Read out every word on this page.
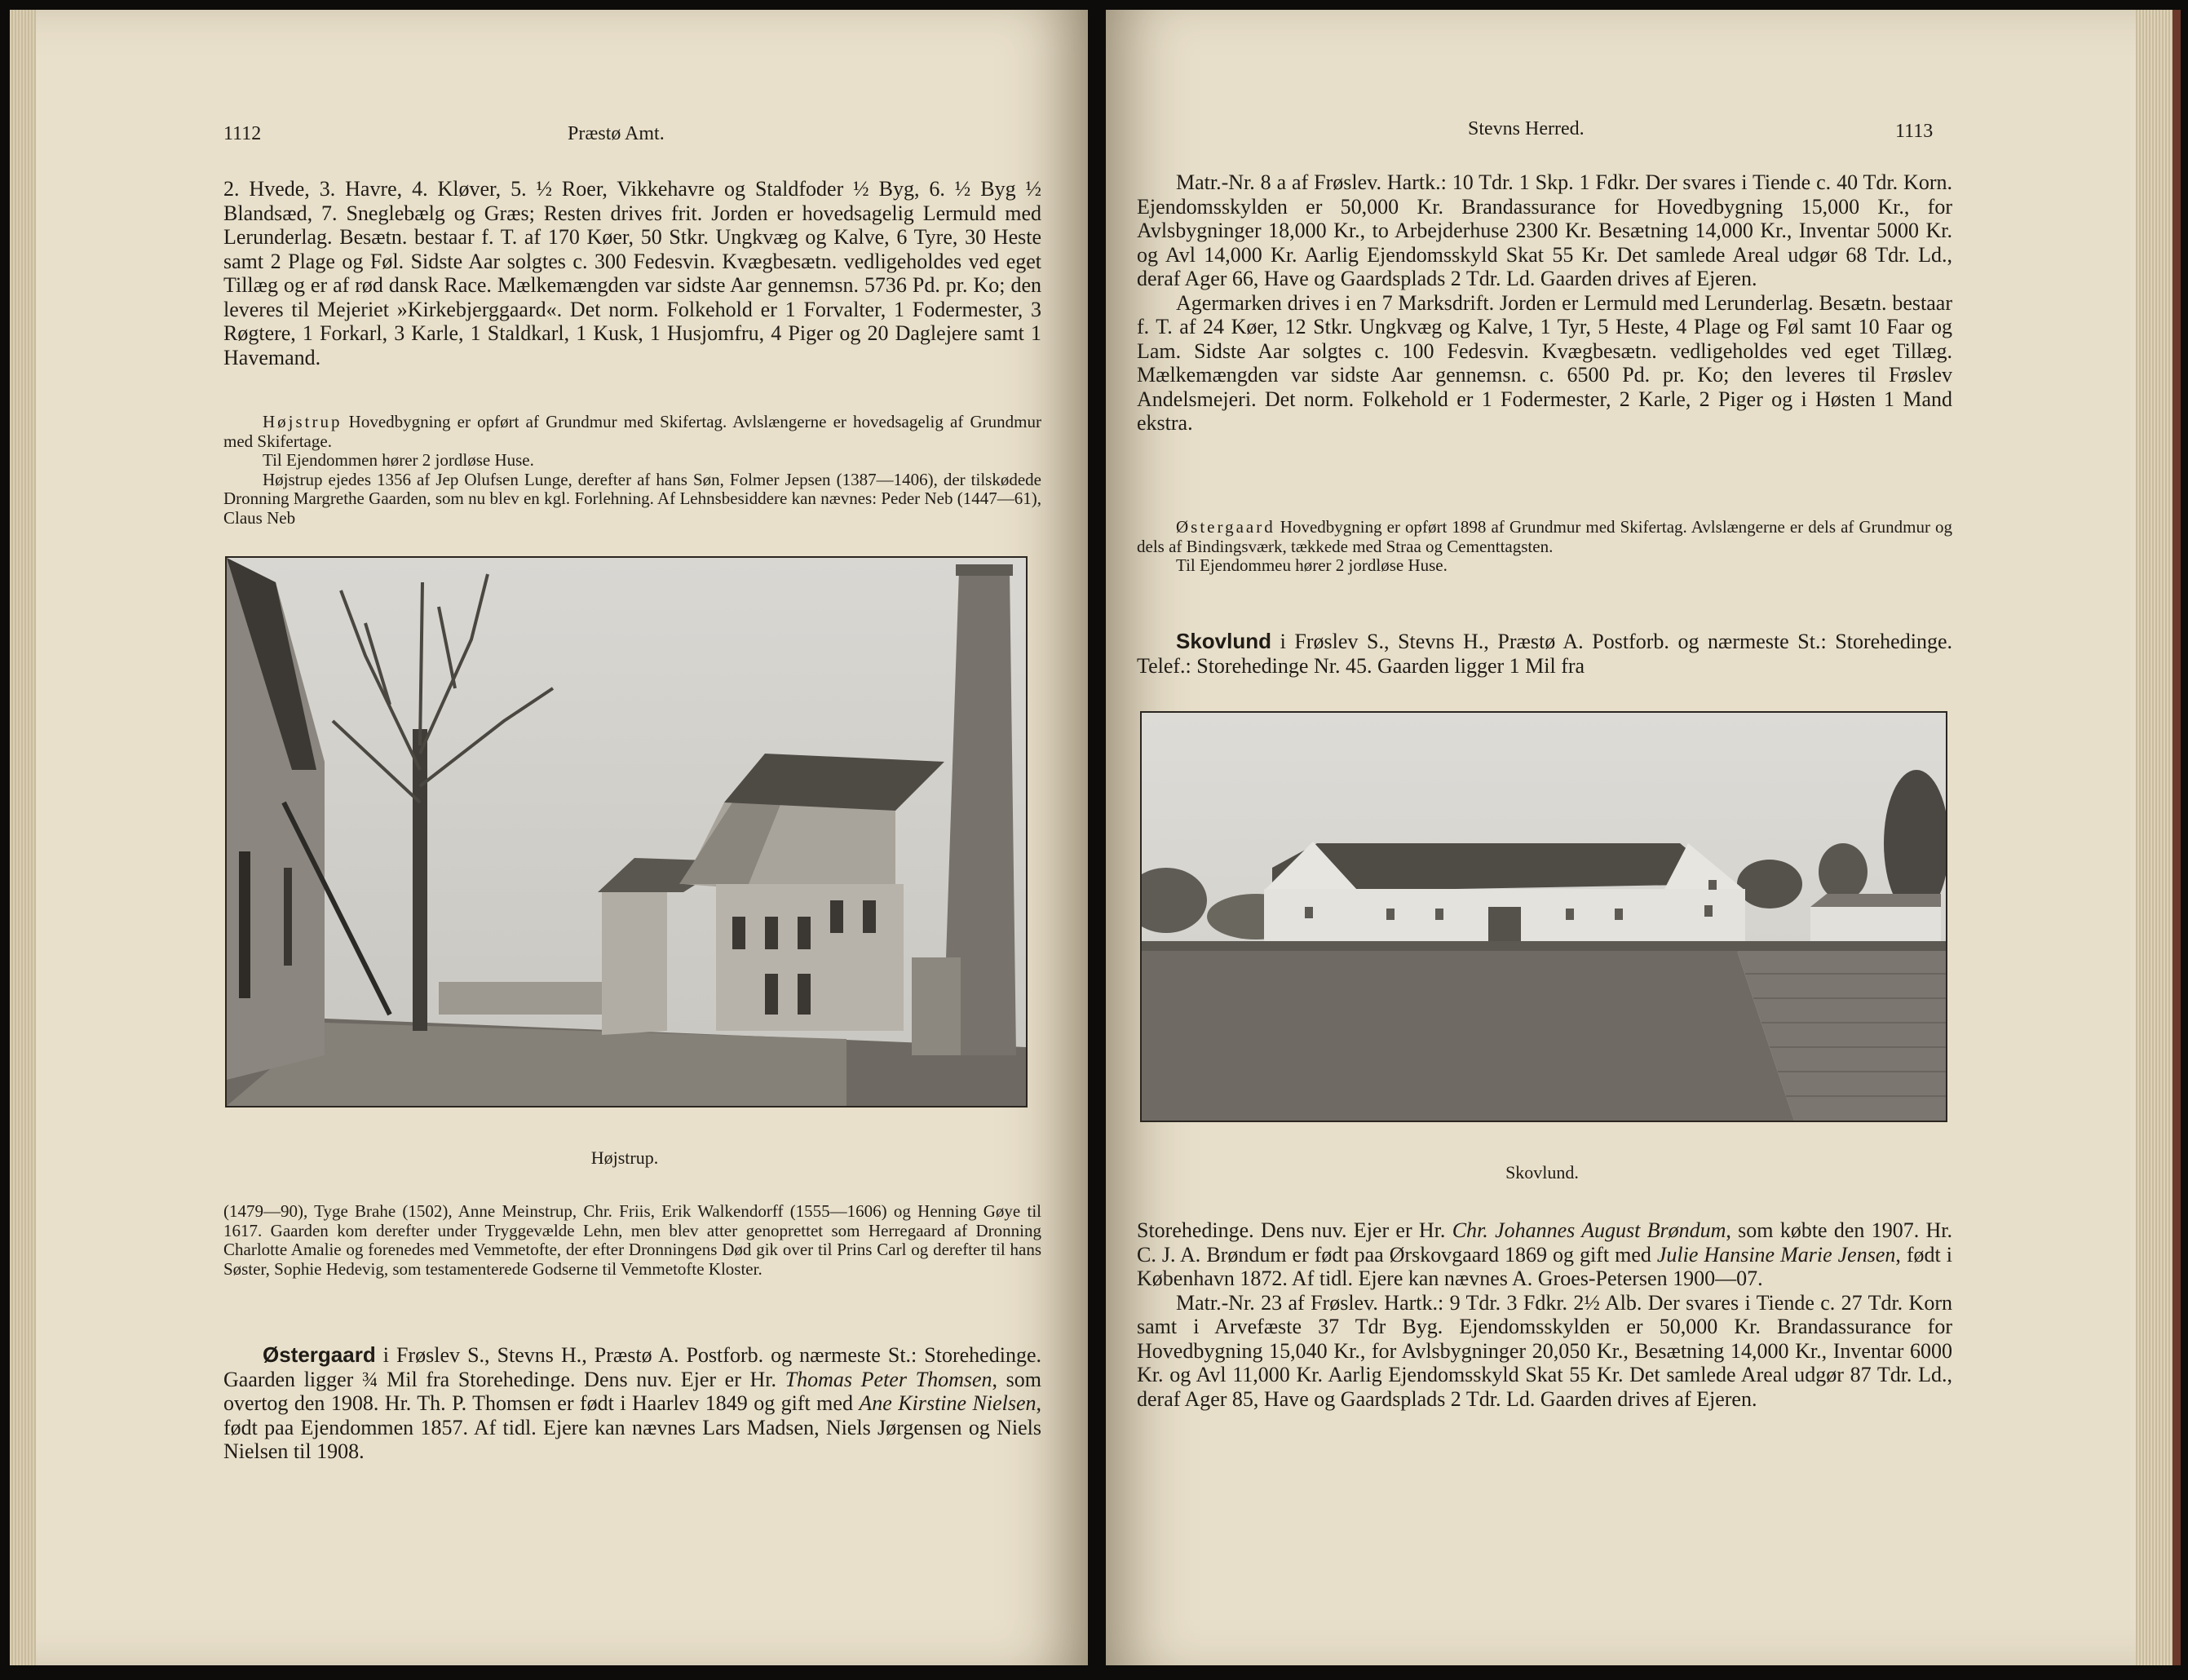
1112	Præstø Amt.

2. Hvede, 3. Havre, 4. Kløver, 5. ½ Roer, Vikkehavre og Staldfoder ½ Byg, 6. ½ Byg ½ Blandsæd, 7. Sneglebælg og Græs; Resten drives frit. Jorden er hovedsagelig Lermuld med Lerunderlag. Besætn. bestaar f. T. af 170 Køer, 50 Stkr. Ungkvæg og Kalve, 6 Tyre, 30 Heste samt 2 Plage og Føl. Sidste Aar solgtes c. 300 Fedesvin. Kvægbesætn. vedligeholdes ved eget Tillæg og er af rød dansk Race. Mælkemængden var sidste Aar gennemsn. 5736 Pd. pr. Ko; den leveres til Mejeriet »Kirkebjerggaard«. Det norm. Folkehold er 1 Forvalter, 1 Fodermester, 3 Røgtere, 1 Forkarl, 3 Karle, 1 Staldkarl, 1 Kusk, 1 Husjomfru, 4 Piger og 20 Daglejere samt 1 Havemand.

Højstrup Hovedbygning er opført af Grundmur med Skifertag. Avlslængerne er hovedsagelig af Grundmur med Skifertage.

Til Ejendommen hører 2 jordløse Huse.

Højstrup ejedes 1356 af Jep Olufsen Lunge, derefter af hans Søn, Folmer Jepsen (1387—1406), der tilskødede Dronning Margrethe Gaarden, som nu blev en kgl. Forlehning. Af Lehnsbesiddere kan nævnes: Peder Neb (1447—61), Claus Neb

Højstrup.

(1479—90), Tyge Brahe (1502), Anne Meinstrup, Chr. Friis, Erik Walkendorff (1555—1606) og Henning Gøye til 1617. Gaarden kom derefter under Tryggevælde Lehn, men blev atter genoprettet som Herregaard af Dronning Charlotte Amalie og forenedes med Vemmetofte, der efter Dronningens Død gik over til Prins Carl og derefter til hans Søster, Sophie Hedevig, som testamenterede Godserne til Vemmetofte Kloster.

Østergaard i Frøslev S., Stevns H., Præstø A. Postforb. og nærmeste St.: Storehedinge. Gaarden ligger ¾ Mil fra Storehedinge. Dens nuv. Ejer er Hr. Thomas Peter Thomsen, som overtog den 1908. Hr. Th. P. Thomsen er født i Haarlev 1849 og gift med Ane Kirstine Nielsen, født paa Ejendommen 1857. Af tidl. Ejere kan nævnes Lars Madsen, Niels Jørgensen og Niels Nielsen til 1908.

Stevns Herred.	1113

Matr.-Nr. 8 a af Frøslev. Hartk.: 10 Tdr. 1 Skp. 1 Fdkr. Der svares i Tiende c. 40 Tdr. Korn. Ejendomsskylden er 50,000 Kr. Brandassurance for Hovedbygning 15,000 Kr., for Avlsbygninger 18,000 Kr., to Arbejderhuse 2300 Kr. Besætning 14,000 Kr., Inventar 5000 Kr. og Avl 14,000 Kr. Aarlig Ejendomsskyld Skat 55 Kr. Det samlede Areal udgør 68 Tdr. Ld., deraf Ager 66, Have og Gaardsplads 2 Tdr. Ld. Gaarden drives af Ejeren.

Agermarken drives i en 7 Marksdrift. Jorden er Lermuld med Lerunderlag. Besætn. bestaar f. T. af 24 Køer, 12 Stkr. Ungkvæg og Kalve, 1 Tyr, 5 Heste, 4 Plage og Føl samt 10 Faar og Lam. Sidste Aar solgtes c. 100 Fedesvin. Kvægbesætn. vedligeholdes ved eget Tillæg. Mælkemængden var sidste Aar gennemsn. c. 6500 Pd. pr. Ko; den leveres til Frøslev Andelsmejeri. Det norm. Folkehold er 1 Fodermester, 2 Karle, 2 Piger og i Høsten 1 Mand ekstra.

Østergaard Hovedbygning er opført 1898 af Grundmur med Skifertag. Avlslængerne er dels af Grundmur og dels af Bindingsværk, tækkede med Straa og Cementtagsten.

Til Ejendommeu hører 2 jordløse Huse.

Skovlund i Frøslev S., Stevns H., Præstø A. Postforb. og nærmeste St.: Storehedinge. Telef.: Storehedinge Nr. 45. Gaarden ligger 1 Mil fra

Skovlund.

Storehedinge. Dens nuv. Ejer er Hr. Chr. Johannes August Brøndum, som købte den 1907. Hr. C. J. A. Brøndum er født paa Ørskovgaard 1869 og gift med Julie Hansine Marie Jensen, født i København 1872. Af tidl. Ejere kan nævnes A. Groes-Petersen 1900—07.

Matr.-Nr. 23 af Frøslev. Hartk.: 9 Tdr. 3 Fdkr. 2½ Alb. Der svares i Tiende c. 27 Tdr. Korn samt i Arvefæste 37 Tdr Byg. Ejendomsskylden er 50,000 Kr. Brandassurance for Hovedbygning 15,040 Kr., for Avlsbygninger 20,050 Kr., Besætning 14,000 Kr., Inventar 6000 Kr. og Avl 11,000 Kr. Aarlig Ejendomsskyld Skat 55 Kr. Det samlede Areal udgør 87 Tdr. Ld., deraf Ager 85, Have og Gaardsplads 2 Tdr. Ld. Gaarden drives af Ejeren.
